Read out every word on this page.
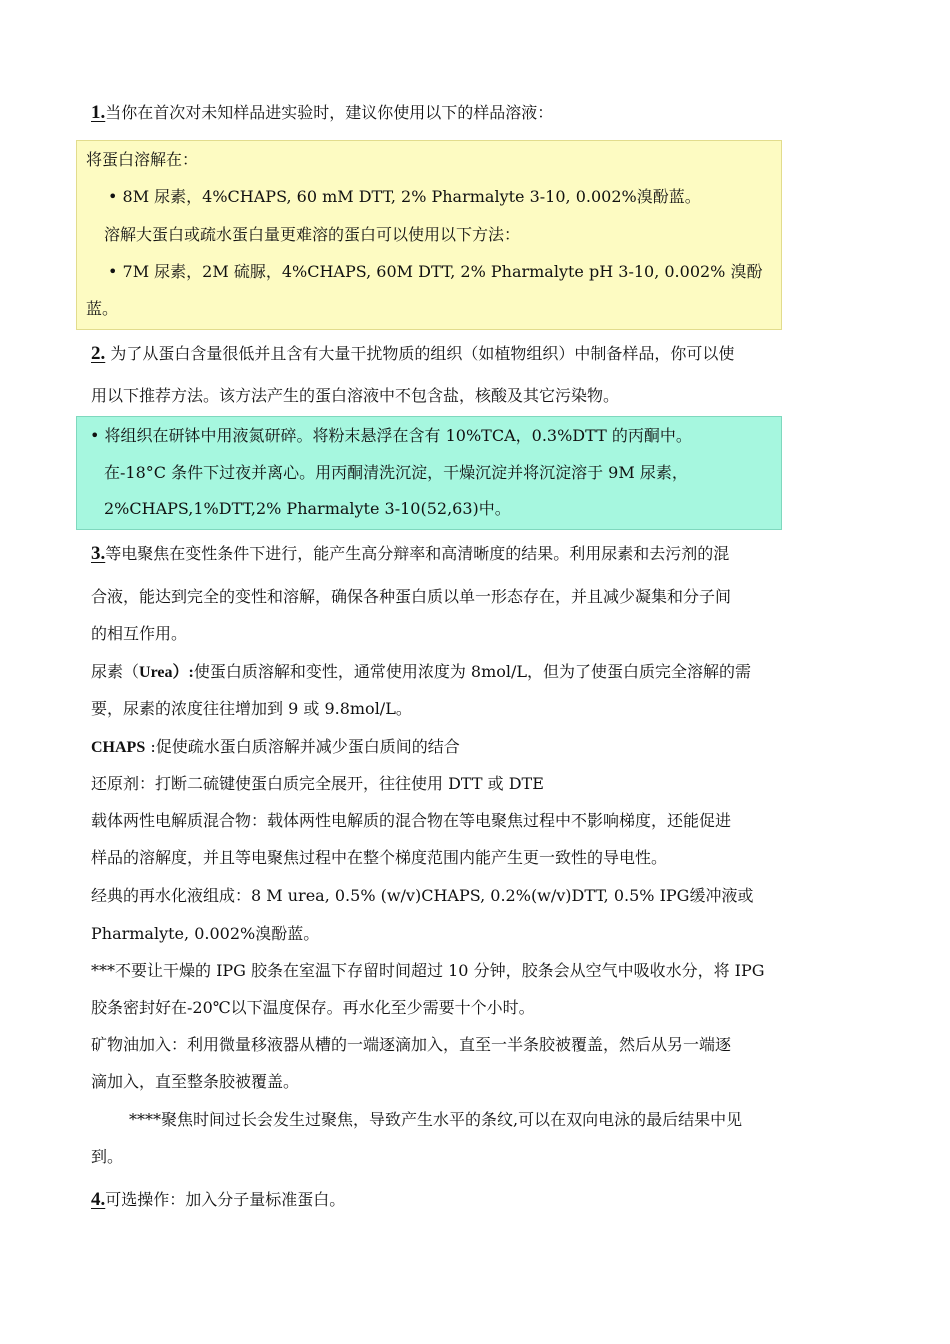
1.当你在首次对未知样品进实验时，建议你使用以下的样品溶液：
将蛋白溶解在：
• 8M 尿素，4%CHAPS, 60 mM DTT, 2% Pharmalyte 3-10, 0.002%溴酚蓝。
溶解大蛋白或疏水蛋白量更难溶的蛋白可以使用以下方法：
• 7M 尿素，2M 硫脲，4%CHAPS, 60M DTT, 2% Pharmalyte pH 3-10, 0.002% 溴酚
蓝。
2. 为了从蛋白含量很低并且含有大量干扰物质的组织（如植物组织）中制备样品，你可以使
用以下推荐方法。该方法产生的蛋白溶液中不包含盐，核酸及其它污染物。
• 将组织在研钵中用液氮研碎。将粉末悬浮在含有 10%TCA，0.3%DTT 的丙酮中。
在-18°C 条件下过夜并离心。用丙酮清洗沉淀，干燥沉淀并将沉淀溶于 9M 尿素，
2%CHAPS,1%DTT,2% Pharmalyte 3-10(52,63)中。
3.等电聚焦在变性条件下进行，能产生高分辩率和高清晰度的结果。利用尿素和去污剂的混
合液，能达到完全的变性和溶解，确保各种蛋白质以单一形态存在，并且减少凝集和分子间
的相互作用。
尿素（Urea）:使蛋白质溶解和变性，通常使用浓度为 8mol/L，但为了使蛋白质完全溶解的需
要，尿素的浓度往往增加到 9 或 9.8mol/L。
CHAPS :促使疏水蛋白质溶解并减少蛋白质间的结合
还原剂：打断二硫键使蛋白质完全展开，往往使用 DTT 或 DTE
载体两性电解质混合物：载体两性电解质的混合物在等电聚焦过程中不影响梯度，还能促进
样品的溶解度，并且等电聚焦过程中在整个梯度范围内能产生更一致性的导电性。
经典的再水化液组成：8 M urea, 0.5% (w/v)CHAPS, 0.2%(w/v)DTT, 0.5% IPG缓冲液或
Pharmalyte, 0.002%溴酚蓝。
***不要让干燥的 IPG 胶条在室温下存留时间超过 10 分钟，胶条会从空气中吸收水分，将 IPG
胶条密封好在-20℃以下温度保存。再水化至少需要十个小时。
矿物油加入：利用微量移液器从槽的一端逐滴加入，直至一半条胶被覆盖，然后从另一端逐
滴加入，直至整条胶被覆盖。
****聚焦时间过长会发生过聚焦，导致产生水平的条纹,可以在双向电泳的最后结果中见
到。
4.可选操作：加入分子量标准蛋白。
